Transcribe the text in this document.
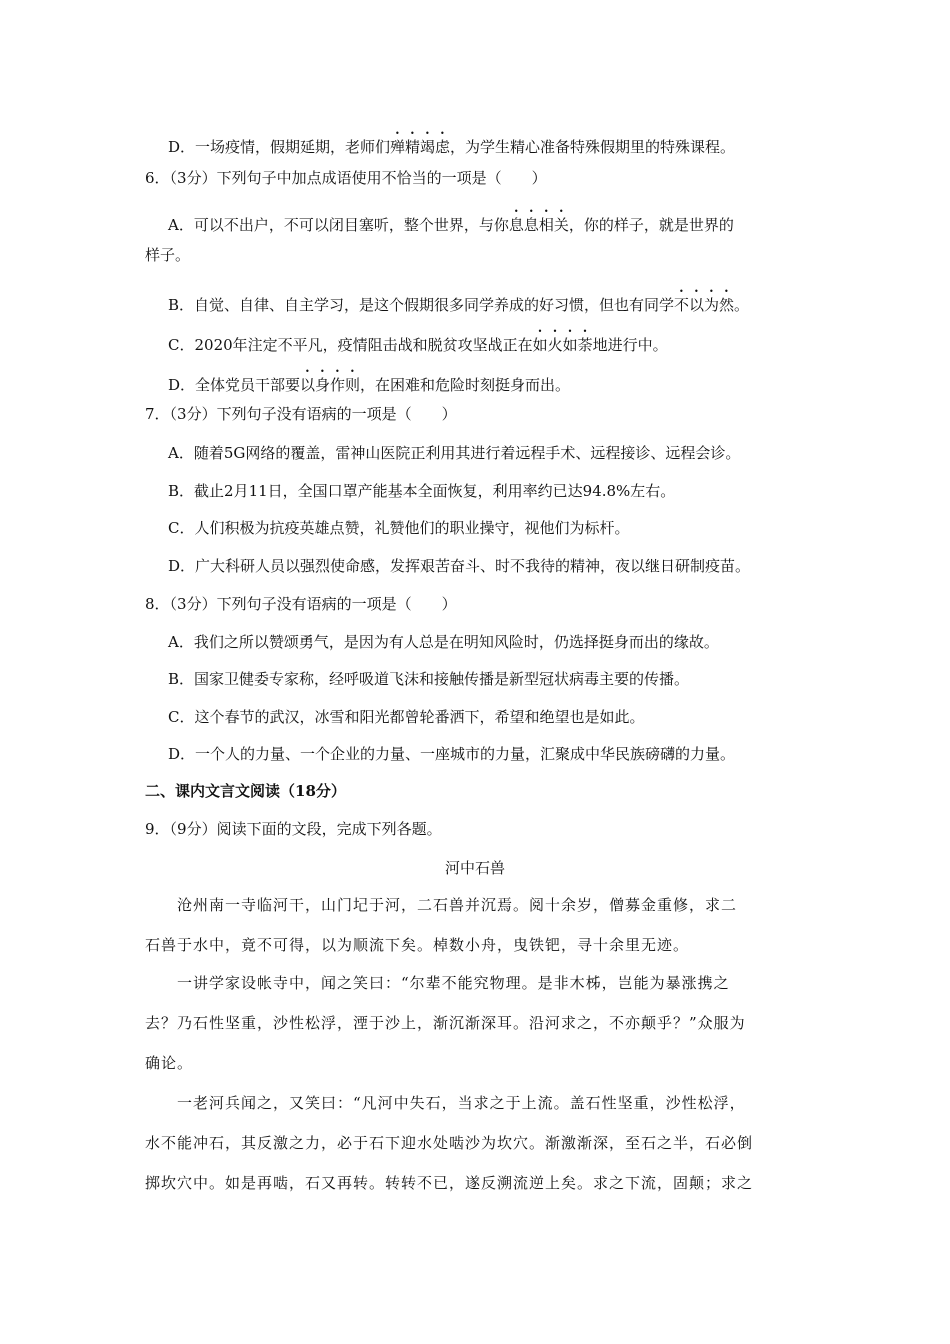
D．一场疫情，假期延期，老师们殚精竭虑，为学生精心准备特殊假期里的特殊课程。
6．（3分）下列句子中加点成语使用不恰当的一项是（　　）
A．可以不出户，不可以闭目塞听，整个世界，与你息息相关，你的样子，就是世界的
样子。
B．自觉、自律、自主学习，是这个假期很多同学养成的好习惯，但也有同学不以为然。
C．2020年注定不平凡，疫情阻击战和脱贫攻坚战正在如火如荼地进行中。
D．全体党员干部要以身作则，在困难和危险时刻挺身而出。
7．（3分）下列句子没有语病的一项是（　　）
A．随着5G网络的覆盖，雷神山医院正利用其进行着远程手术、远程接诊、远程会诊。
B．截止2月11日，全国口罩产能基本全面恢复，利用率约已达94.8%左右。
C．人们积极为抗疫英雄点赞，礼赞他们的职业操守，视他们为标杆。
D．广大科研人员以强烈使命感，发挥艰苦奋斗、时不我待的精神，夜以继日研制疫苗。
8．（3分）下列句子没有语病的一项是（　　）
A．我们之所以赞颂勇气，是因为有人总是在明知风险时，仍选择挺身而出的缘故。
B．国家卫健委专家称，经呼吸道飞沫和接触传播是新型冠状病毒主要的传播。
C．这个春节的武汉，冰雪和阳光都曾轮番洒下，希望和绝望也是如此。
D．一个人的力量、一个企业的力量、一座城市的力量，汇聚成中华民族磅礴的力量。
二、课内文言文阅读（18分）
9．（9分）阅读下面的文段，完成下列各题。
河中石兽
　　沧州南一寺临河干，山门圮于河，二石兽并沉焉。阅十余岁，僧募金重修，求二
石兽于水中，竟不可得，以为顺流下矣。棹数小舟，曳铁钯，寻十余里无迹。
　　一讲学家设帐寺中，闻之笑曰：“尔辈不能究物理。是非木柹，岂能为暴涨携之
去？乃石性坚重，沙性松浮，湮于沙上，渐沉渐深耳。沿河求之，不亦颠乎？”众服为
确论。
　　一老河兵闻之，又笑曰：“凡河中失石，当求之于上流。盖石性坚重，沙性松浮，
水不能冲石，其反激之力，必于石下迎水处啮沙为坎穴。渐激渐深，至石之半，石必倒
掷坎穴中。如是再啮，石又再转。转转不已，遂反溯流逆上矣。求之下流，固颠；求之
